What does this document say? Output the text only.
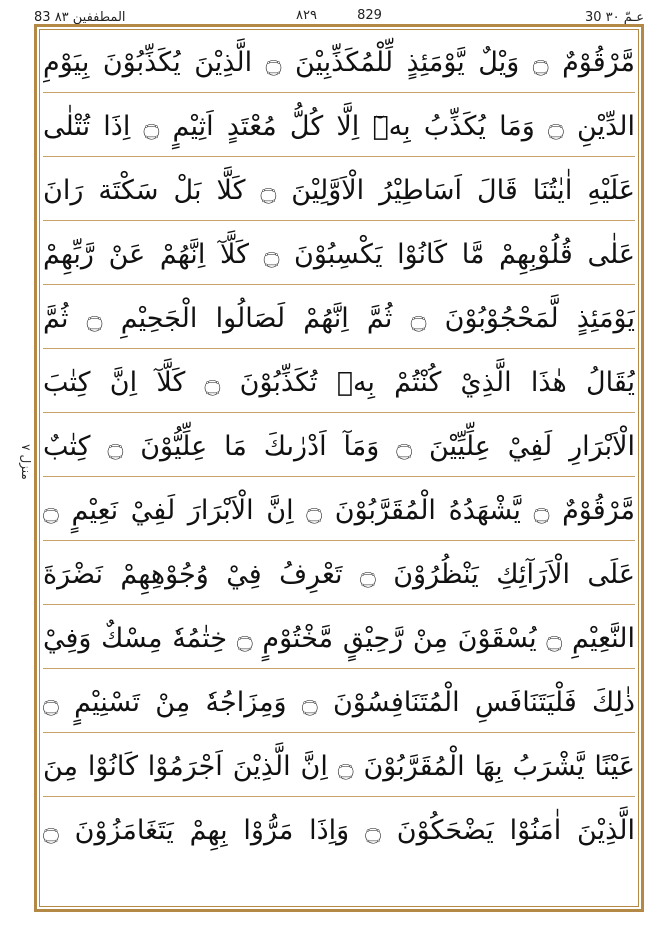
83 المطففين ٨٣	٨٢٩	829	30 عـمّ ٣٠
منزل ٧
مَّرْقُوْمٌ ۝ وَيْلٌ يَّوْمَئِذٍ لِّلْمُكَذِّبِيْنَ ۝ الَّذِيْنَ يُكَذِّبُوْنَ بِيَوْمِ
الدِّيْنِ ۝ وَمَا يُكَذِّبُ بِهٖٓ اِلَّا كُلُّ مُعْتَدٍ اَثِيْمٍ ۝ اِذَا تُتْلٰى
عَلَيْهِ اٰيٰتُنَا قَالَ اَسَاطِيْرُ الْاَوَّلِيْنَ ۝ كَلَّا بَلْ سَكْتَة رَانَ
عَلٰى قُلُوْبِهِمْ مَّا كَانُوْا يَكْسِبُوْنَ ۝ كَلَّآ اِنَّهُمْ عَنْ رَّبِّهِمْ
يَوْمَئِذٍ لَّمَحْجُوْبُوْنَ ۝ ثُمَّ اِنَّهُمْ لَصَالُوا الْجَحِيْمِ ۝ ثُمَّ
يُقَالُ هٰذَا الَّذِيْ كُنْتُمْ بِهٖ تُكَذِّبُوْنَ ۝ كَلَّآ اِنَّ كِتٰبَ
الْاَبْرَارِ لَفِيْ عِلِّيِّيْنَ ۝ وَمَآ اَدْرٰىكَ مَا عِلِّيُّوْنَ ۝ كِتٰبٌ
مَّرْقُوْمٌ ۝ يَّشْهَدُهُ الْمُقَرَّبُوْنَ ۝ اِنَّ الْاَبْرَارَ لَفِيْ نَعِيْمٍ ۝
عَلَى الْاَرَآئِكِ يَنْظُرُوْنَ ۝ تَعْرِفُ فِيْ وُجُوْهِهِمْ نَضْرَةَ
النَّعِيْمِ ۝ يُسْقَوْنَ مِنْ رَّحِيْقٍ مَّخْتُوْمٍ ۝ خِتٰمُهٗ مِسْكٌ وَفِيْ
ذٰلِكَ فَلْيَتَنَافَسِ الْمُتَنَافِسُوْنَ ۝ وَمِزَاجُهٗ مِنْ تَسْنِيْمٍ ۝
عَيْنًا يَّشْرَبُ بِهَا الْمُقَرَّبُوْنَ ۝ اِنَّ الَّذِيْنَ اَجْرَمُوْا كَانُوْا مِنَ
الَّذِيْنَ اٰمَنُوْا يَضْحَكُوْنَ ۝ وَاِذَا مَرُّوْا بِهِمْ يَتَغَامَزُوْنَ ۝
